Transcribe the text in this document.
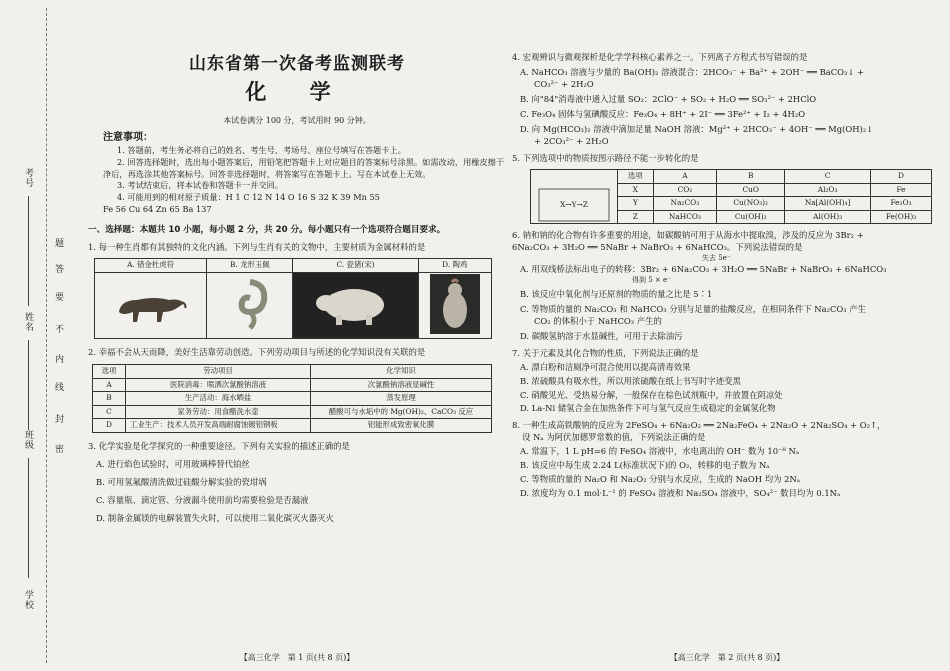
考号
姓名
班级
学校
题
答
要
不
内
线
封
密
山东省第一次备考监测联考
化 学
本试卷满分 100 分，考试用时 90 分钟。
注意事项：
1. 答题前，考生务必将自己的姓名、考生号、考场号、座位号填写在答题卡上。
2. 回答选择题时，选出每小题答案后，用铅笔把答题卡上对应题目的答案标号涂黑。如需改动，用橡皮擦干净后，再选涂其他答案标号。回答非选择题时，将答案写在答题卡上。写在本试卷上无效。
3. 考试结束后，将本试卷和答题卡一并交回。
4. 可能用到的相对原子质量：H 1 C 12 N 14 O 16 S 32 K 39 Mn 55
Fe 56 Cu 64 Zn 65 Ba 137
一、选择题：本题共 10 小题，每小题 2 分，共 20 分。每小题只有一个选项符合题目要求。
1. 每一种生肖都有其独特的文化内涵。下列与生肖有关的文物中，主要材质为金属材料的是
A. 错金杜虎符	B. 龙形玉佩	C. 瓷猪(宋)	D. 陶鸡

2. 幸福不会从天而降，美好生活靠劳动创造。下列劳动项目与所述的化学知识没有关联的是
选项	劳动项目	化学知识
A	医院消毒：喷洒次氯酸钠溶液	次氯酸钠溶液显碱性
B	生产活动：海水晒盐	蒸发原理
C	家务劳动：用食醋洗水壶	醋酸可与水垢中的 Mg(OH)₂、CaCO₃ 反应
D	工业生产：技术人员开发高端耐腐蚀镀铝钢板	铝能形成致密氧化膜
3. 化学实验是化学探究的一种重要途径。下列有关实验的描述正确的是
A. 进行焰色试验时，可用玻璃棒替代铂丝
B. 可用氢氟酸清洗做过硅酸分解实验的瓷坩埚
C. 容量瓶、滴定管、分液漏斗使用前均需要检验是否漏液
D. 制备金属镁的电解装置失火时，可以使用二氧化碳灭火器灭火
【高三化学　第 1 页(共 8 页)】
4. 宏观辨识与微观探析是化学学科核心素养之一。下列离子方程式书写错误的是
A. NaHCO₃ 溶液与少量的 Ba(OH)₂ 溶液混合：2HCO₃⁻ + Ba²⁺ + 2OH⁻ ══ BaCO₃↓ +
CO₃²⁻ + 2H₂O
B. 向"84"消毒液中通入过量 SO₂：2ClO⁻ + SO₂ + H₂O ══ SO₃²⁻ + 2HClO
C. Fe₃O₄ 固体与氢碘酸反应：Fe₃O₄ + 8H⁺ + 2I⁻ ══ 3Fe²⁺ + I₂ + 4H₂O
D. 向 Mg(HCO₃)₂ 溶液中滴加足量 NaOH 溶液：Mg²⁺ + 2HCO₃⁻ + 4OH⁻ ══ Mg(OH)₂↓
+ 2CO₃²⁻ + 2H₂O
5. 下列选项中的物质按图示路径不能一步转化的是
X→Y→Z	选项	A	B	C	D
	X	CO₂	CuO	Al₂O₃	Fe
	Y	Na₂CO₃	Cu(NO₃)₂	Na[Al(OH)₄]	Fe₂O₃
	Z	NaHCO₃	Cu(OH)₂	Al(OH)₃	Fe(OH)₃
6. 钠和钠的化合物有许多重要的用途，如碳酸钠可用于从海水中提取溴，涉及的反应为 3Br₂ +
6Na₂CO₃ + 3H₂O ══ 5NaBr + NaBrO₃ + 6NaHCO₃。下列说法错误的是
失去 5e⁻
A. 用双线桥法标出电子的转移：3Br₂ + 6Na₂CO₃ + 3H₂O ══ 5NaBr + NaBrO₃ + 6NaHCO₃
得到 5 × e⁻
B. 该反应中氧化剂与还原剂的物质的量之比是 5∶1
C. 等物质的量的 Na₂CO₃ 和 NaHCO₃ 分别与足量的盐酸反应，在相同条件下 Na₂CO₃ 产生
CO₂ 的体积小于 NaHCO₃ 产生的
D. 碳酸氢钠溶于水显碱性，可用于去除油污
7. 关于元素及其化合物的性质，下列说法正确的是
A. 漂白粉和洁厕净可混合使用以提高清毒效果
B. 浓硫酸具有吸水性，所以用浓硫酸在纸上书写时字迹变黑
C. 硝酸见光、受热易分解，一般保存在棕色试剂瓶中，并放置在阴凉处
D. La-Ni 储氢合金在加热条件下可与氢气反应生成稳定的金属氢化物
8. 一种生成高铁酸钠的反应为 2FeSO₄ + 6Na₂O₂ ══ 2Na₂FeO₄ + 2Na₂O + 2Na₂SO₄ + O₂↑，
设 Nₐ 为阿伏加德罗常数的值，下列说法正确的是
A. 常温下，1 L pH=6 的 FeSO₄ 溶液中，水电离出的 OH⁻ 数为 10⁻⁸ Nₐ
B. 该反应中每生成 2.24 L(标准状况下)的 O₂，转移的电子数为 Nₐ
C. 等物质的量的 Na₂O 和 Na₂O₂ 分别与水反应，生成的 NaOH 均为 2Nₐ
D. 浓度均为 0.1 mol·L⁻¹ 的 FeSO₄ 溶液和 Na₂SO₄ 溶液中，SO₄²⁻ 数目均为 0.1Nₐ
【高三化学　第 2 页(共 8 页)】
